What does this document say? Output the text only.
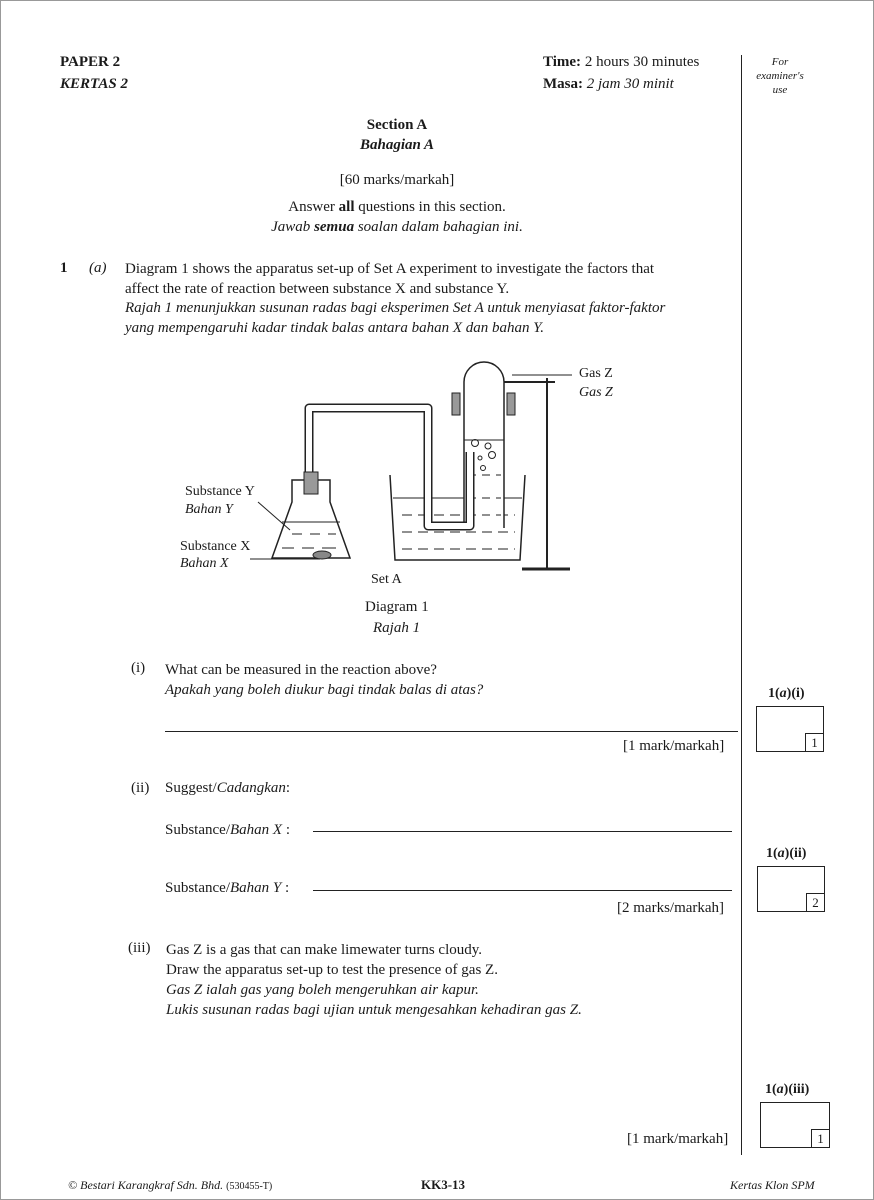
PAPER 2
KERTAS 2
Time: 2 hours 30 minutes
Masa: 2 jam 30 minit
For
examiner's
use
Section A
Bahagian A
[60 marks/markah]
Answer all questions in this section.
Jawab semua soalan dalam bahagian ini.
1 (a) Diagram 1 shows the apparatus set-up of Set A experiment to investigate the factors that
affect the rate of reaction between substance X and substance Y.
Rajah 1 menunjukkan susunan radas bagi eksperimen Set A untuk menyiasat faktor-faktor
yang mempengaruhi kadar tindak balas antara bahan X dan bahan Y.
Gas Z
Gas Z
Substance Y
Bahan Y
Substance X
Bahan X
Set A
Diagram 1
Rajah 1
(i) What can be measured in the reaction above?
Apakah yang boleh diukur bagi tindak balas di atas?
[1 mark/markah]
1(a)(i)
1
(ii) Suggest/Cadangkan:
Substance/Bahan X :
Substance/Bahan Y :
[2 marks/markah]
1(a)(ii)
2
(iii) Gas Z is a gas that can make limewater turns cloudy.
Draw the apparatus set-up to test the presence of gas Z.
Gas Z ialah gas yang boleh mengeruhkan air kapur.
Lukis susunan radas bagi ujian untuk mengesahkan kehadiran gas Z.
[1 mark/markah]
1(a)(iii)
1
© Bestari Karangkraf Sdn. Bhd. (530455-T)	KK3-13	Kertas Klon SPM
